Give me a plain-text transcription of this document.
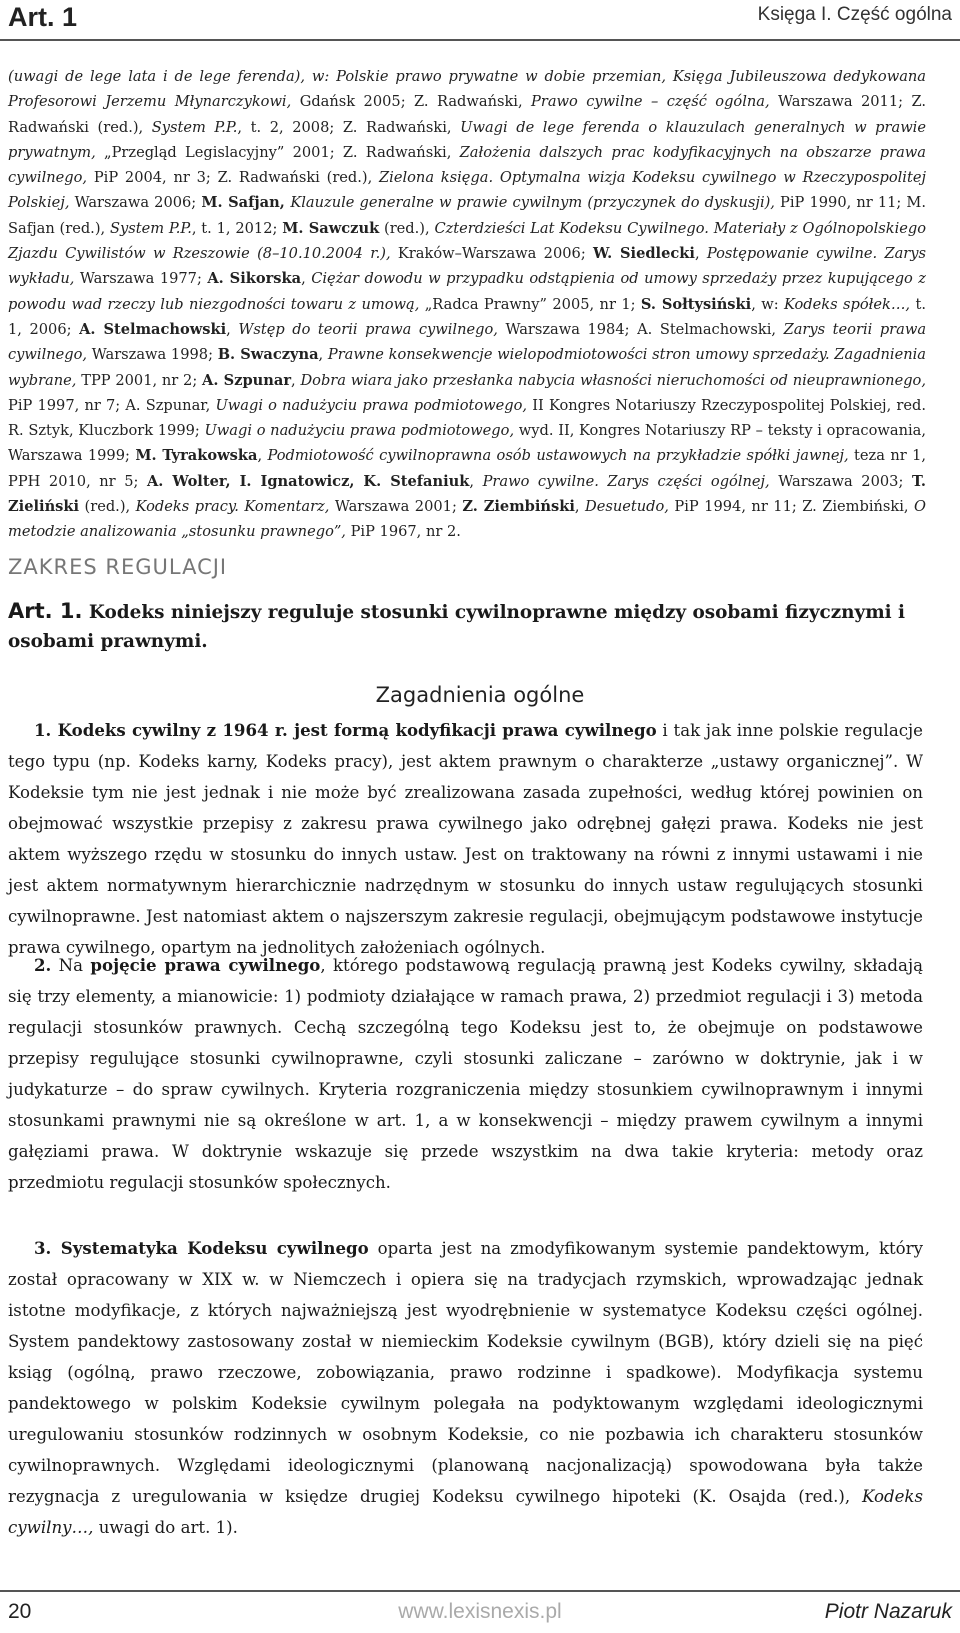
Art. 1	Księga I. Część ogólna
(uwagi de lege lata i de lege ferenda), w: Polskie prawo prywatne w dobie przemian, Księga Jubileuszowa dedykowana Profesorowi Jerzemu Młynarczykowi, Gdańsk 2005; Z. Radwański, Prawo cywilne – część ogólna, Warszawa 2011; Z. Radwański (red.), System P.P., t. 2, 2008; Z. Radwański, Uwagi de lege ferenda o klauzulach generalnych w prawie prywatnym, „Przegląd Legislacyjny” 2001; Z. Radwański, Założenia dalszych prac kodyfikacyjnych na obszarze prawa cywilnego, PiP 2004, nr 3; Z. Radwański (red.), Zielona księga. Optymalna wizja Kodeksu cywilnego w Rzeczypospolitej Polskiej, Warszawa 2006; M. Safjan, Klauzule generalne w prawie cywilnym (przyczynek do dyskusji), PiP 1990, nr 11; M. Safjan (red.), System P.P., t. 1, 2012; M. Sawczuk (red.), Czterdzieści Lat Kodeksu Cywilnego. Materiały z Ogólnopolskiego Zjazdu Cywilistów w Rzeszowie (8–10.10.2004 r.), Kraków–Warszawa 2006; W. Siedlecki, Postępowanie cywilne. Zarys wykładu, Warszawa 1977; A. Sikorska, Ciężar dowodu w przypadku odstąpienia od umowy sprzedaży przez kupującego z powodu wad rzeczy lub niezgodności towaru z umową, „Radca Prawny” 2005, nr 1; S. Sołtysiński, w: Kodeks spółek…, t. 1, 2006; A. Stelmachowski, Wstęp do teorii prawa cywilnego, Warszawa 1984; A. Stelmachowski, Zarys teorii prawa cywilnego, Warszawa 1998; B. Swaczyna, Prawne konsekwencje wielopodmiotowości stron umowy sprzedaży. Zagadnienia wybrane, TPP 2001, nr 2; A. Szpunar, Dobra wiara jako przesłanka nabycia własności nieruchomości od nieuprawnionego, PiP 1997, nr 7; A. Szpunar, Uwagi o nadużyciu prawa podmiotowego, II Kongres Notariuszy Rzeczypospolitej Polskiej, red. R. Sztyk, Kluczbork 1999; Uwagi o nadużyciu prawa podmiotowego, wyd. II, Kongres Notariuszy RP – teksty i opracowania, Warszawa 1999; M. Tyrakowska, Podmiotowość cywilnoprawna osób ustawowych na przykładzie spółki jawnej, teza nr 1, PPH 2010, nr 5; A. Wolter, I. Ignatowicz, K. Stefaniuk, Prawo cywilne. Zarys części ogólnej, Warszawa 2003; T. Zieliński (red.), Kodeks pracy. Komentarz, Warszawa 2001; Z. Ziembiński, Desuetudo, PiP 1994, nr 11; Z. Ziembiński, O metodzie analizowania „stosunku prawnego”, PiP 1967, nr 2.
ZAKRES REGULACJI
Art. 1. Kodeks niniejszy reguluje stosunki cywilnoprawne między osobami fizycznymi i osobami prawnymi.
Zagadnienia ogólne
1. Kodeks cywilny z 1964 r. jest formą kodyfikacji prawa cywilnego i tak jak inne polskie regulacje tego typu (np. Kodeks karny, Kodeks pracy), jest aktem prawnym o charakterze „ustawy organicznej”. W Kodeksie tym nie jest jednak i nie może być zrealizowana zasada zupełności, według której powinien on obejmować wszystkie przepisy z zakresu prawa cywilnego jako odrębnej gałęzi prawa. Kodeks nie jest aktem wyższego rzędu w stosunku do innych ustaw. Jest on traktowany na równi z innymi ustawami i nie jest aktem normatywnym hierarchicznie nadrzędnym w stosunku do innych ustaw regulujących stosunki cywilnoprawne. Jest natomiast aktem o najszerszym zakresie regulacji, obejmującym podstawowe instytucje prawa cywilnego, opartym na jednolitych założeniach ogólnych.
2. Na pojęcie prawa cywilnego, którego podstawową regulacją prawną jest Kodeks cywilny, składają się trzy elementy, a mianowicie: 1) podmioty działające w ramach prawa, 2) przedmiot regulacji i 3) metoda regulacji stosunków prawnych. Cechą szczególną tego Kodeksu jest to, że obejmuje on podstawowe przepisy regulujące stosunki cywilnoprawne, czyli stosunki zaliczane – zarówno w doktrynie, jak i w judykaturze – do spraw cywilnych. Kryteria rozgraniczenia między stosunkiem cywilnoprawnym i innymi stosunkami prawnymi nie są określone w art. 1, a w konsekwencji – między prawem cywilnym a innymi gałęziami prawa. W doktrynie wskazuje się przede wszystkim na dwa takie kryteria: metody oraz przedmiotu regulacji stosunków społecznych.
3. Systematyka Kodeksu cywilnego oparta jest na zmodyfikowanym systemie pandektowym, który został opracowany w XIX w. w Niemczech i opiera się na tradycjach rzymskich, wprowadzając jednak istotne modyfikacje, z których najważniejszą jest wyodrębnienie w systematyce Kodeksu części ogólnej. System pandektowy zastosowany został w niemieckim Kodeksie cywilnym (BGB), który dzieli się na pięć ksiąg (ogólną, prawo rzeczowe, zobowiązania, prawo rodzinne i spadkowe). Modyfikacja systemu pandektowego w polskim Kodeksie cywilnym polegała na podyktowanym względami ideologicznymi uregulowaniu stosunków rodzinnych w osobnym Kodeksie, co nie pozbawia ich charakteru stosunków cywilnoprawnych. Względami ideologicznymi (planowaną nacjonalizacją) spowodowana była także rezygnacja z uregulowania w księdze drugiej Kodeksu cywilnego hipoteki (K. Osajda (red.), Kodeks cywilny…, uwagi do art. 1).
20	www.lexisnexis.pl	Piotr Nazaruk
